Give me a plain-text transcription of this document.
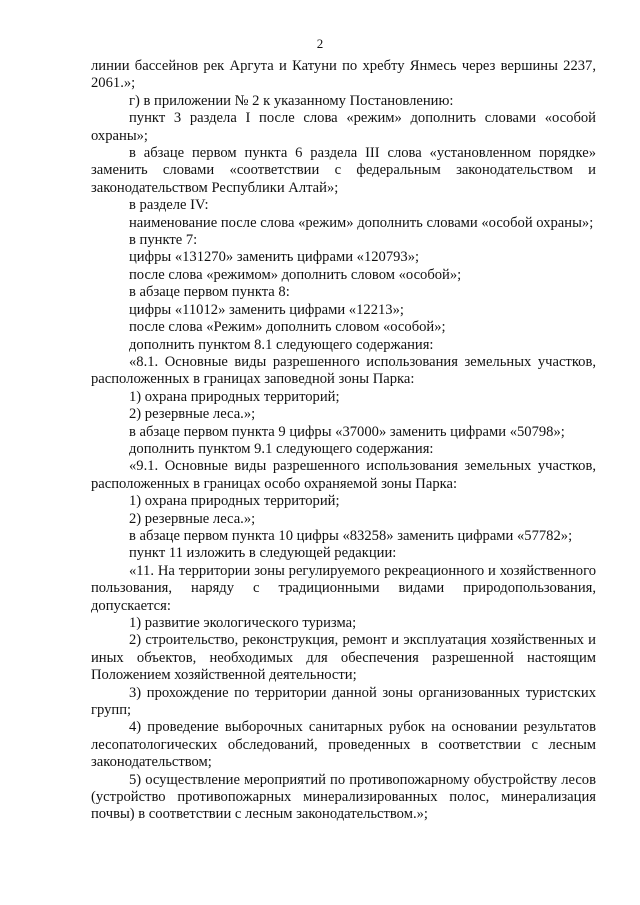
2

линии бассейнов рек Аргута и Катуни по хребту Янмесь через вершины 2237, 2061.»;

г) в приложении № 2 к указанному Постановлению:

пункт 3 раздела I после слова «режим» дополнить словами «особой охраны»;

в абзаце первом пункта 6 раздела III слова «установленном порядке» заменить словами «соответствии с федеральным законодательством и законодательством Республики Алтай»;

в разделе IV:

наименование после слова «режим» дополнить словами «особой охраны»;

в пункте 7:

цифры «131270» заменить цифрами «120793»;

после слова «режимом» дополнить словом «особой»;

в абзаце первом пункта 8:

цифры «11012» заменить цифрами «12213»;

после слова «Режим» дополнить словом «особой»;

дополнить пунктом 8.1 следующего содержания:

«8.1. Основные виды разрешенного использования земельных участков, расположенных в границах заповедной зоны Парка:

1) охрана природных территорий;

2) резервные леса.»;

в абзаце первом пункта 9 цифры «37000» заменить цифрами «50798»;

дополнить пунктом 9.1 следующего содержания:

«9.1. Основные виды разрешенного использования земельных участков, расположенных в границах особо охраняемой зоны Парка:

1) охрана природных территорий;

2) резервные леса.»;

в абзаце первом пункта 10 цифры «83258» заменить цифрами «57782»;

пункт 11 изложить в следующей редакции:

«11. На территории зоны регулируемого рекреационного и хозяйственного пользования, наряду с традиционными видами природопользования, допускается:

1) развитие экологического туризма;

2) строительство, реконструкция, ремонт и эксплуатация хозяйственных и иных объектов, необходимых для обеспечения разрешенной настоящим Положением хозяйственной деятельности;

3) прохождение по территории данной зоны организованных туристских групп;

4) проведение выборочных санитарных рубок на основании результатов лесопатологических обследований, проведенных в соответствии с лесным законодательством;

5) осуществление мероприятий по противопожарному обустройству лесов (устройство противопожарных минерализированных полос, минерализация почвы) в соответствии с лесным законодательством.»;
